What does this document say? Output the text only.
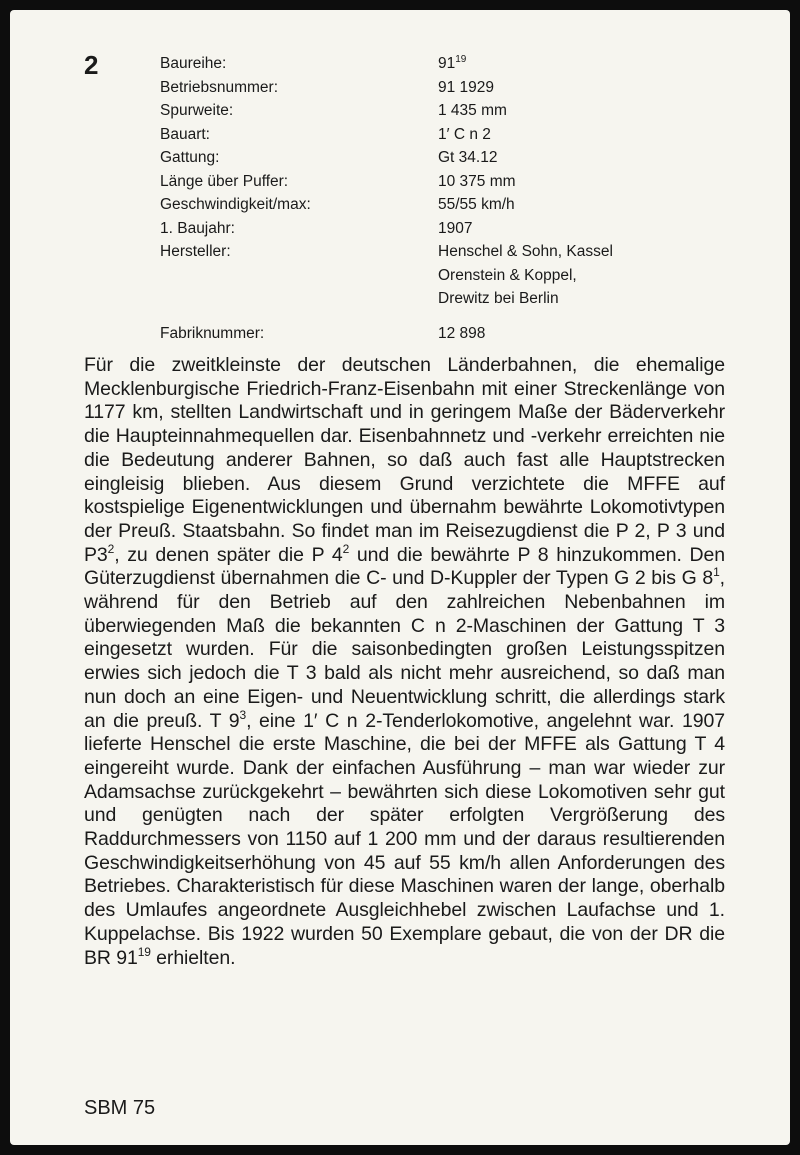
2	Baureihe:	$91^{19}$
Betriebsnummer:	91 1929
Spurweite:	1 435 mm
Bauart:	1′ C n 2
Gattung:	Gt 34.12
Länge über Puffer:	10 375 mm
Geschwindigkeit/max:	55/55 km/h
1. Baujahr:	1907
Hersteller:	Henschel & Sohn, Kassel
Orenstein & Koppel,
Drewitz bei Berlin
Fabriknummer:	12 898
Für die zweitkleinste der deutschen Länderbahnen, die ehemalige Mecklenburgische Friedrich-Franz-Eisenbahn mit einer Streckenlänge von 1177 km, stellten Landwirtschaft und in geringem Maße der Bäderverkehr die Haupteinnahmequellen dar. Eisenbahnnetz und -verkehr erreichten nie die Bedeutung anderer Bahnen, so daß auch fast alle Hauptstrecken eingleisig blieben. Aus diesem Grund verzichtete die MFFE auf kostspielige Eigenentwicklungen und übernahm bewährte Lokomotivtypen der Preuß. Staatsbahn. So findet man im Reisezugdienst die P 2, P 3 und $P3^2$, zu denen später die P $4^2$ und die bewährte P 8 hinzukommen. Den Güterzugdienst übernahmen die C- und D-Kuppler der Typen G 2 bis G $8^1$, während für den Betrieb auf den zahlreichen Nebenbahnen im überwiegenden Maß die bekannten C n 2-Maschinen der Gattung T 3 eingesetzt wurden. Für die saisonbedingten großen Leistungsspitzen erwies sich jedoch die T 3 bald als nicht mehr ausreichend, so daß man nun doch an eine Eigen- und Neuentwicklung schritt, die allerdings stark an die preuß. T $9^3$, eine 1′ C n 2-Tenderlokomotive, angelehnt war. 1907 lieferte Henschel die erste Maschine, die bei der MFFE als Gattung T 4 eingereiht wurde. Dank der einfachen Ausführung – man war wieder zur Adamsachse zurückgekehrt – bewährten sich diese Lokomotiven sehr gut und genügten nach der später erfolgten Vergrößerung des Raddurchmessers von 1150 auf 1 200 mm und der daraus resultierenden Geschwindigkeitserhöhung von 45 auf 55 km/h allen Anforderungen des Betriebes. Charakteristisch für diese Maschinen waren der lange, oberhalb des Umlaufes angeordnete Ausgleichhebel zwischen Laufachse und 1. Kuppelachse. Bis 1922 wurden 50 Exemplare gebaut, die von der DR die BR $91^{19}$ erhielten.
SBM 75
